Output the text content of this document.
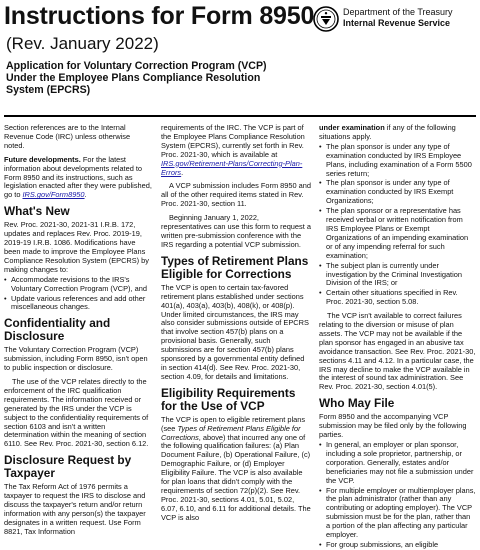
Instructions for Form 8950
(Rev. January 2022)
Application for Voluntary Correction Program (VCP) Under the Employee Plans Compliance Resolution System (EPCRS)
Department of the Treasury
Internal Revenue Service

Section references are to the Internal Revenue Code (IRC) unless otherwise noted.

Future developments. For the latest information about developments related to Form 8950 and its instructions, such as legislation enacted after they were published, go to IRS.gov/Form8950.

What's New

Rev. Proc. 2021-30, 2021-31 I.R.B. 172, updates and replaces Rev. Proc. 2019-19, 2019-19 I.R.B. 1086. Modifications have been made to improve the Employee Plans Compliance Resolution System (EPCRS) by making changes to:

• Accommodate revisions to the IRS's Voluntary Correction Program (VCP), and

• Update various references and add other miscellaneous changes.

Confidentiality and Disclosure

The Voluntary Correction Program (VCP) submission, including Form 8950, isn't open to public inspection or disclosure.

The use of the VCP relates directly to the enforcement of the IRC qualification requirements. The information received or generated by the IRS under the VCP is subject to the confidentiality requirements of section 6103 and isn't a written determination within the meaning of section 6110. See Rev. Proc. 2021-30, section 6.12.

Disclosure Request by Taxpayer

The Tax Reform Act of 1976 permits a taxpayer to request the IRS to disclose and discuss the taxpayer's return and/or return information with any person(s) the taxpayer designates in a written request. Use Form 8821, Tax Information

requirements of the IRC. The VCP is part of the Employee Plans Compliance Resolution System (EPCRS), currently set forth in Rev. Proc. 2021-30, which is available at IRS.gov/Retirement-Plans/Correcting-Plan-Errors.

A VCP submission includes Form 8950 and all of the other required items stated in Rev. Proc. 2021-30, section 11.

Beginning January 1, 2022, representatives can use this form to request a written pre-submission conference with the IRS regarding a potential VCP submission.

Types of Retirement Plans Eligible for Corrections

The VCP is open to certain tax-favored retirement plans established under sections 401(a), 403(a), 403(b), 408(k), or 408(p). Under limited circumstances, the IRS may also consider submissions outside of EPCRS that involve section 457(b) plans on a provisional basis. Generally, such submissions are for section 457(b) plans sponsored by a governmental entity defined in section 414(d). See Rev. Proc. 2021-30, section 4.09, for details and limitations.

Eligibility Requirements for the Use of VCP

The VCP is open to eligible retirement plans (see Types of Retirement Plans Eligible for Corrections, above) that incurred any one of the following qualification failures: (a) Plan Document Failure, (b) Operational Failure, (c) Demographic Failure, or (d) Employer Eligibility Failure. The VCP is also available for plan loans that didn't comply with the requirements of section 72(p)(2). See Rev. Proc. 2021-30, sections 4.01, 5.01, 5.02, 6.07, 6.10, and 6.11 for additional details. The VCP is also

under examination if any of the following situations apply.

• The plan sponsor is under any type of examination conducted by IRS Employee Plans, including examination of a Form 5500 series return;

• The plan sponsor is under any type of examination conducted by IRS Exempt Organizations;

• The plan sponsor or a representative has received verbal or written notification from IRS Employee Plans or Exempt Organizations of an impending examination or of any impending referral for such examination;

• The subject plan is currently under investigation by the Criminal Investigation Division of the IRS; or

• Certain other situations specified in Rev. Proc. 2021-30, section 5.08.

The VCP isn't available to correct failures relating to the diversion or misuse of plan assets. The VCP may not be available if the plan sponsor has engaged in an abusive tax avoidance transaction. See Rev. Proc. 2021-30, sections 4.11 and 4.12. In a particular case, the IRS may decline to make the VCP available in the interest of sound tax administration. See Rev. Proc. 2021-30, section 4.01(5).

Who May File

Form 8950 and the accompanying VCP submission may be filed only by the following parties.

• In general, an employer or plan sponsor, including a sole proprietor, partnership, or corporation. Generally, estates and/or beneficiaries may not file a submission under the VCP.

• For multiple employer or multiemployer plans, the plan administrator (rather than any contributing or adopting employer). The VCP submission must be for the plan, rather than a portion of the plan affecting any particular employer.

• For group submissions, an eligible
